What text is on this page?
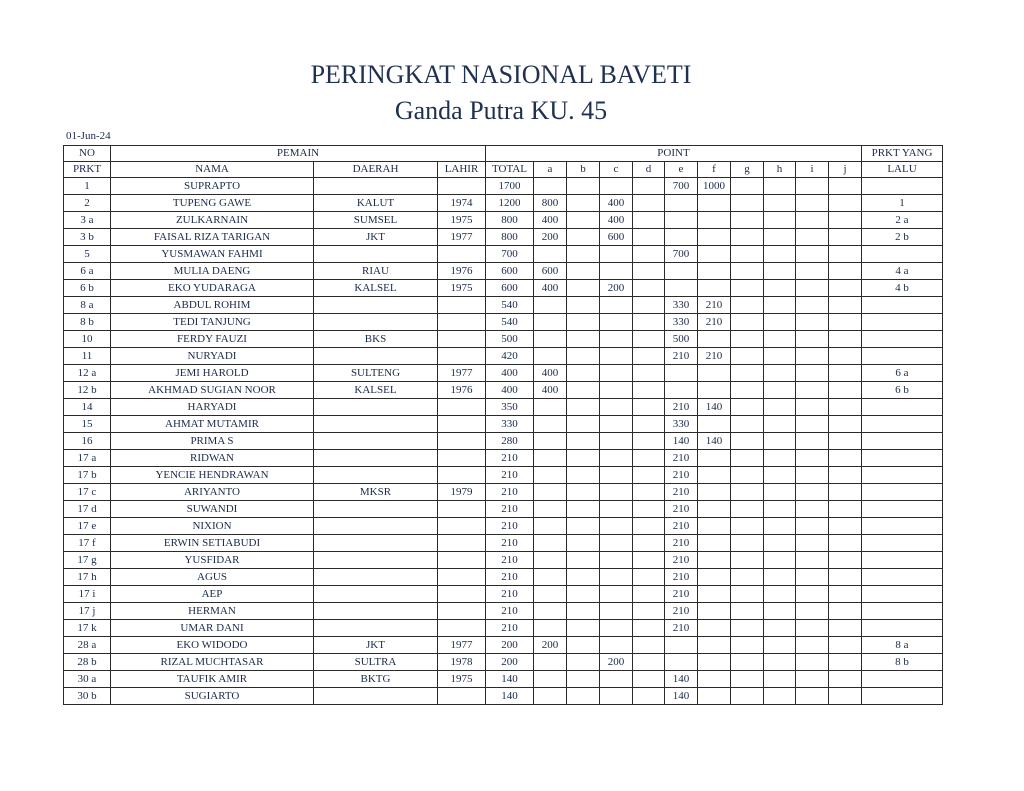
PERINGKAT NASIONAL BAVETI
Ganda Putra KU. 45
01-Jun-24
NO	PEMAIN			POINT											PRKT YANG
PRKT	NAMA	DAERAH	LAHIR	TOTAL	a	b	c	d	e	f	g	h	i	j	LALU
1	SUPRAPTO			1700					700	1000					
2	TUPENG GAWE	KALUT	1974	1200	800		400								1
3 a	ZULKARNAIN	SUMSEL	1975	800	400		400								2 a
3 b	FAISAL RIZA TARIGAN	JKT	1977	800	200		600								2 b
5	YUSMAWAN FAHMI			700					700						
6 a	MULIA DAENG	RIAU	1976	600	600										4 a
6 b	EKO YUDARAGA	KALSEL	1975	600	400		200								4 b
8 a	ABDUL ROHIM			540					330	210					
8 b	TEDI TANJUNG			540					330	210					
10	FERDY FAUZI	BKS		500					500						
11	NURYADI			420					210	210					
12 a	JEMI HAROLD	SULTENG	1977	400	400										6 a
12 b	AKHMAD SUGIAN NOOR	KALSEL	1976	400	400										6 b
14	HARYADI			350					210	140					
15	AHMAT MUTAMIR			330					330						
16	PRIMA S			280					140	140					
17 a	RIDWAN			210					210						
17 b	YENCIE HENDRAWAN			210					210						
17 c	ARIYANTO	MKSR	1979	210					210						
17 d	SUWANDI			210					210						
17 e	NIXION			210					210						
17 f	ERWIN SETIABUDI			210					210						
17 g	YUSFIDAR			210					210						
17 h	AGUS			210					210						
17 i	AEP			210					210						
17 j	HERMAN			210					210						
17 k	UMAR DANI			210					210						
28 a	EKO WIDODO	JKT	1977	200	200										8 a
28 b	RIZAL MUCHTASAR	SULTRA	1978	200			200								8 b
30 a	TAUFIK AMIR	BKTG	1975	140					140						
30 b	SUGIARTO			140					140						
